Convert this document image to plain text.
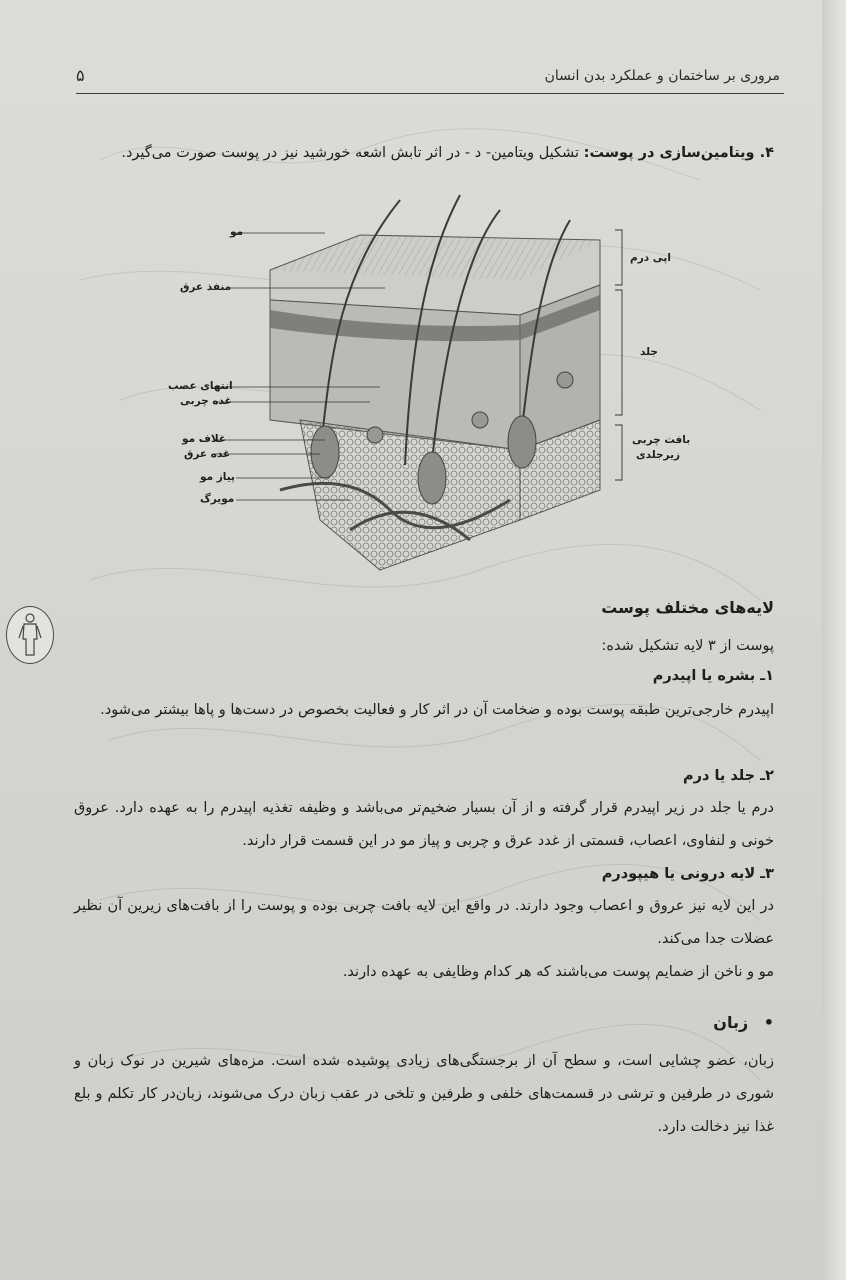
مروری بر ساختمان و عملکرد بدن انسان
۵
۴. ویتامین‌سازی در پوست: تشکیل ویتامین- د - در اثر تابش اشعه خورشید نیز در پوست صورت می‌گیرد.
مو
منفذ عرق
انتهای عصب
غده چربی
غلاف مو
غده عرق
پیاز مو
مویرگ
اپی درم
جلد
بافت چربی
زیرجلدی
لایه‌های مختلف پوست
پوست از ۳ لایه تشکیل شده:
۱ـ بشره یا اپیدرم
اپیدرم خارجی‌ترین طبقه پوست بوده و ضخامت آن در اثر کار و فعالیت بخصوص در دست‌ها و پاها بیشتر می‌شود.
۲ـ جلد یا درم
درم یا جلد در زیر اپیدرم قرار گرفته و از آن بسیار ضخیم‌تر می‌باشد و وظیفه تغذیه اپیدرم را به عهده دارد. عروق خونی و لنفاوی، اعصاب، قسمتی از غدد عرق و چربی و پیاز مو در این قسمت قرار دارند.
۳ـ لایه درونی یا هیپودرم
در این لایه نیز عروق و اعصاب وجود دارند. در واقع این لایه بافت چربی بوده و پوست را از بافت‌های زیرین آن نظیر عضلات جدا می‌کند.
مو و ناخن از ضمایم پوست می‌باشند که هر کدام وظایفی به عهده دارند.
• زبان
زبان، عضو چشایی است، و سطح آن از برجستگی‌های زیادی پوشیده شده است. مزه‌های شیرین در نوک زبان و شوری در طرفین و ترشی در قسمت‌های خلفی و طرفین و تلخی در عقب زبان درک می‌شوند، زبان‌در کار تکلم و بلع غذا نیز دخالت دارد.
